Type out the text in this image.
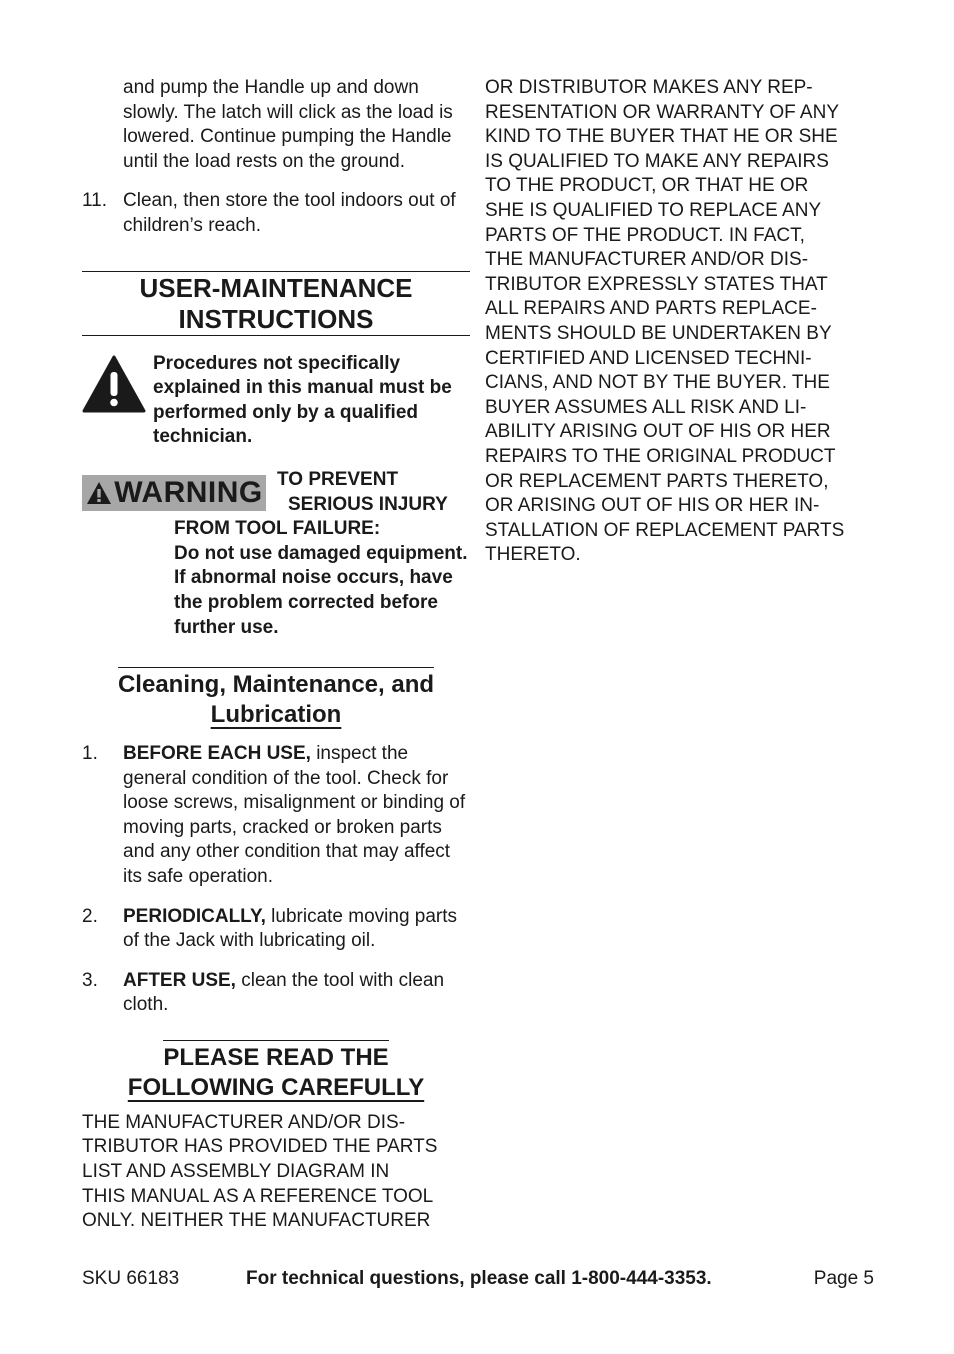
and pump the Handle up and down slowly. The latch will click as the load is lowered. Continue pumping the Handle until the load rests on the ground.

11. Clean, then store the tool indoors out of children’s reach.
USER-MAINTENANCE
INSTRUCTIONS
Procedures not specifically explained in this manual must be performed only by a qualified technician.
WARNING TO PREVENT
SERIOUS INJURY
FROM TOOL FAILURE:
Do not use damaged equipment. If abnormal noise occurs, have the problem corrected before further use.
Cleaning, Maintenance, and
Lubrication
1.	BEFORE EACH USE, inspect the general condition of the tool. Check for loose screws, misalignment or binding of moving parts, cracked or broken parts and any other condition that may affect its safe operation.
2.	PERIODICALLY, lubricate moving parts of the Jack with lubricating oil.
3.	AFTER USE, clean the tool with clean cloth.
PLEASE READ THE
FOLLOWING CAREFULLY
THE MANUFACTURER AND/OR DIS-
TRIBUTOR HAS PROVIDED THE PARTS
LIST AND ASSEMBLY DIAGRAM IN
THIS MANUAL AS A REFERENCE TOOL
ONLY. NEITHER THE MANUFACTURER
OR DISTRIBUTOR MAKES ANY REP-
RESENTATION OR WARRANTY OF ANY
KIND TO THE BUYER THAT HE OR SHE
IS QUALIFIED TO MAKE ANY REPAIRS
TO THE PRODUCT, OR THAT HE OR
SHE IS QUALIFIED TO REPLACE ANY
PARTS OF THE PRODUCT. IN FACT,
THE MANUFACTURER AND/OR DIS-
TRIBUTOR EXPRESSLY STATES THAT
ALL REPAIRS AND PARTS REPLACE-
MENTS SHOULD BE UNDERTAKEN BY
CERTIFIED AND LICENSED TECHNI-
CIANS, AND NOT BY THE BUYER. THE
BUYER ASSUMES ALL RISK AND LI-
ABILITY ARISING OUT OF HIS OR HER
REPAIRS TO THE ORIGINAL PRODUCT
OR REPLACEMENT PARTS THERETO,
OR ARISING OUT OF HIS OR HER IN-
STALLATION OF REPLACEMENT PARTS
THERETO.
SKU 66183	For technical questions, please call 1-800-444-3353.	Page 5
